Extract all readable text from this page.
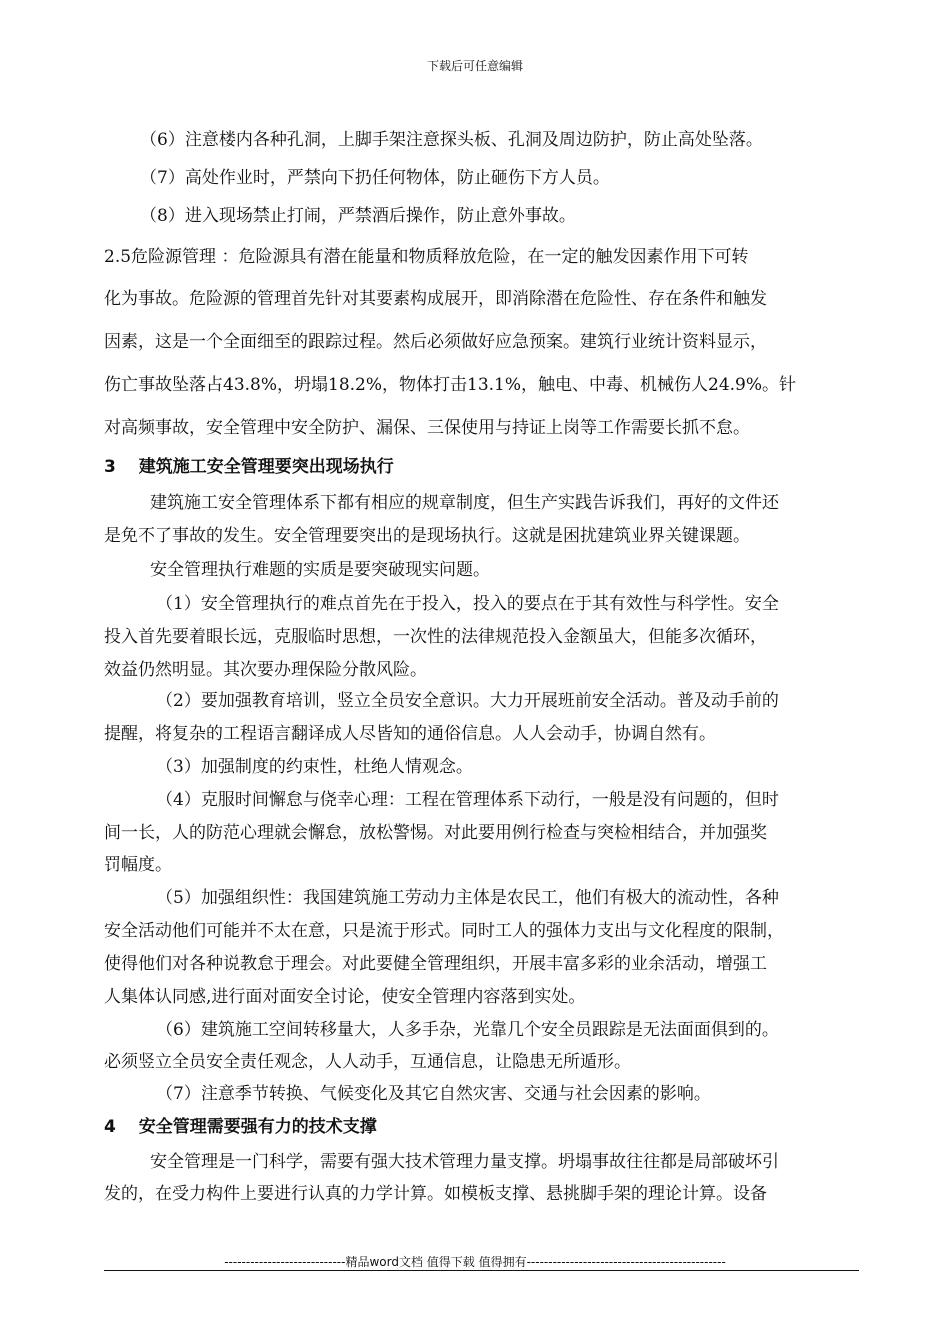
下载后可任意编辑
（6）注意楼内各种孔洞，上脚手架注意探头板、孔洞及周边防护，防止高处坠落。
（7）高处作业时，严禁向下扔任何物体，防止砸伤下方人员。
（8）进入现场禁止打闹，严禁酒后操作，防止意外事故。
2.5危险源管理 ：危险源具有潜在能量和物质释放危险，在一定的触发因素作用下可转
化为事故。危险源的管理首先针对其要素构成展开，即消除潜在危险性、存在条件和触发
因素，这是一个全面细至的跟踪过程。然后必须做好应急预案。建筑行业统计资料显示，
伤亡事故坠落占43.8%，坍塌18.2%，物体打击13.1%，触电、中毒、机械伤人24.9%。针
对高频事故，安全管理中安全防护、漏保、三保使用与持证上岗等工作需要长抓不怠。
3　 建筑施工安全管理要突出现场执行
建筑施工安全管理体系下都有相应的规章制度，但生产实践告诉我们，再好的文件还
是免不了事故的发生。安全管理要突出的是现场执行。这就是困扰建筑业界关键课题。
安全管理执行难题的实质是要突破现实问题。
（1）安全管理执行的难点首先在于投入，投入的要点在于其有效性与科学性。安全
投入首先要着眼长远，克服临时思想，一次性的法律规范投入金额虽大，但能多次循环，
效益仍然明显。其次要办理保险分散风险。
（2）要加强教育培训，竖立全员安全意识。大力开展班前安全活动。普及动手前的
提醒，将复杂的工程语言翻译成人尽皆知的通俗信息。人人会动手，协调自然有。
（3）加强制度的约束性，杜绝人情观念。
（4）克服时间懈怠与侥幸心理：工程在管理体系下动行，一般是没有问题的，但时
间一长，人的防范心理就会懈怠，放松警惕。对此要用例行检查与突检相结合，并加强奖
罚幅度。
（5）加强组织性：我国建筑施工劳动力主体是农民工，他们有极大的流动性，各种
安全活动他们可能并不太在意，只是流于形式。同时工人的强体力支出与文化程度的限制，
使得他们对各种说教怠于理会。对此要健全管理组织，开展丰富多彩的业余活动，增强工
人集体认同感,进行面对面安全讨论，使安全管理内容落到实处。
（6）建筑施工空间转移量大，人多手杂，光靠几个安全员跟踪是无法面面俱到的。
必须竖立全员安全责任观念，人人动手，互通信息，让隐患无所遁形。
（7）注意季节转换、气候变化及其它自然灾害、交通与社会因素的影响。
4　 安全管理需要强有力的技术支撑
安全管理是一门科学，需要有强大技术管理力量支撑。坍塌事故往往都是局部破坏引
发的，在受力构件上要进行认真的力学计算。如模板支撑、悬挑脚手架的理论计算。设备
----------------------------精品word文档 值得下载 值得拥有----------------------------------------------
